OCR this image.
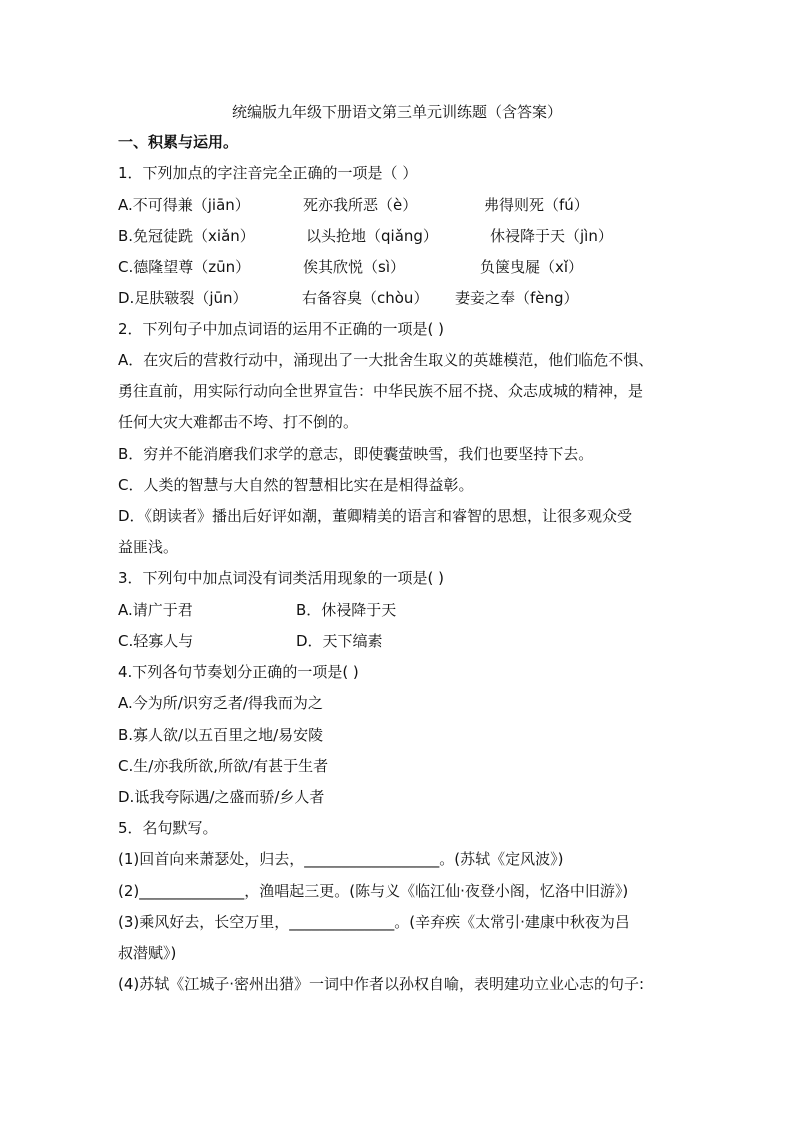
统编版九年级下册语文第三单元训练题（含答案）
一、积累与运用。
1．下列加点的字注音完全正确的一项是（ ）
A.不可得兼（jiān）	死亦我所恶（è）	弗得则死（fú）
B.免冠徒跣（xiǎn）	以头抢地（qiǎng）	休祲降于天（jìn）
C.德隆望尊（zūn）	俟其欣悦（sì）	负箧曳屣（xǐ）
D.足肤皲裂（jūn）	右备容臭（chòu） 妻妾之奉（fèng）
2．下列句子中加点词语的运用不正确的一项是( )
A．在灾后的营救行动中，涌现出了一大批舍生取义的英雄模范，他们临危不惧、
勇往直前，用实际行动向全世界宣告：中华民族不屈不挠、众志成城的精神，是
任何大灾大难都击不垮、打不倒的。
B．穷并不能消磨我们求学的意志，即使囊萤映雪，我们也要坚持下去。
C．人类的智慧与大自然的智慧相比实在是相得益彰。
D．《朗读者》播出后好评如潮，董卿精美的语言和睿智的思想，让很多观众受
益匪浅。
3．下列句中加点词没有词类活用现象的一项是( )
A.请广于君	B．休祲降于天
C.轻寡人与	D．天下缟素
4.下列各句节奏划分正确的一项是( )
A.今为所/识穷乏者/得我而为之
B.寡人欲/以五百里之地/易安陵
C.生/亦我所欲,所欲/有甚于生者
D.诋我夸际遇/之盛而骄/乡人者
5．名句默写。
(1)回首向来萧瑟处，归去，__________________。(苏轼《定风波》)
(2)______________，渔唱起三更。(陈与义《临江仙·夜登小阁，忆洛中旧游》)
(3)乘风好去，长空万里，______________。(辛弃疾《太常引·建康中秋夜为吕
叔潜赋》)
(4)苏轼《江城子·密州出猎》一词中作者以孙权自喻，表明建功立业心志的句子:
